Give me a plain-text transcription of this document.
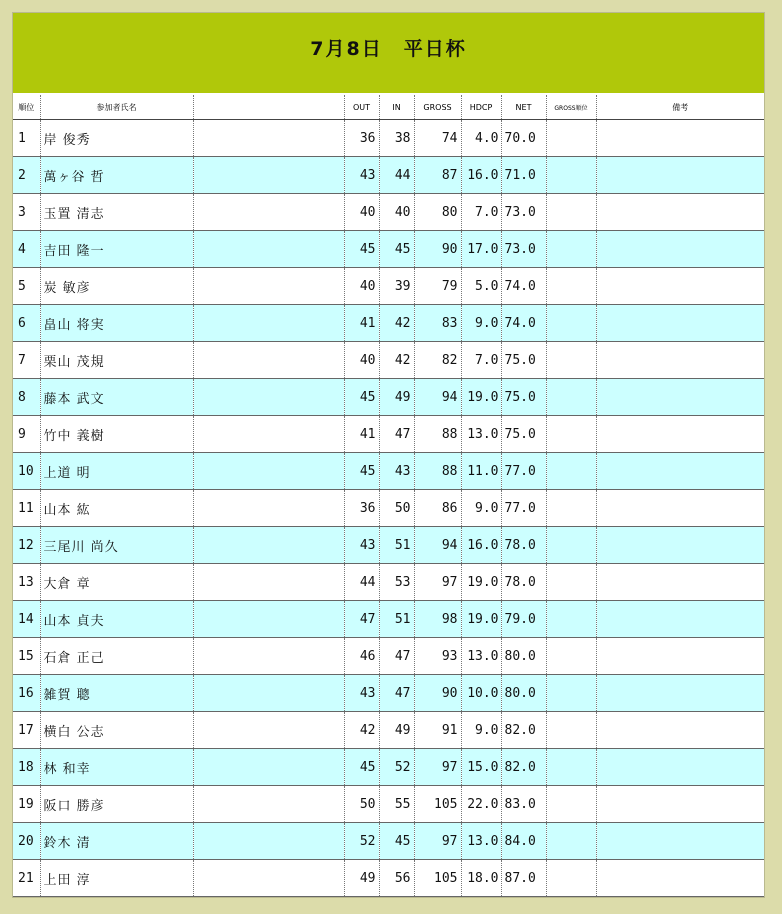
7月8日　平日杯
順位	参加者氏名		OUT	IN	GROSS	HDCP	NET	GROSS順位	備考
1	岸 俊秀		36	38	74	4.0	70.0		
2	萬ヶ谷 哲		43	44	87	16.0	71.0		
3	玉置 清志		40	40	80	7.0	73.0		
4	吉田 隆一		45	45	90	17.0	73.0		
5	炭 敏彦		40	39	79	5.0	74.0		
6	畠山 将実		41	42	83	9.0	74.0		
7	栗山 茂規		40	42	82	7.0	75.0		
8	藤本 武文		45	49	94	19.0	75.0		
9	竹中 義樹		41	47	88	13.0	75.0		
10	上道 明		45	43	88	11.0	77.0		
11	山本 紘		36	50	86	9.0	77.0		
12	三尾川 尚久		43	51	94	16.0	78.0		
13	大倉 章		44	53	97	19.0	78.0		
14	山本 貞夫		47	51	98	19.0	79.0		
15	石倉 正己		46	47	93	13.0	80.0		
16	雑賀 聰		43	47	90	10.0	80.0		
17	横白 公志		42	49	91	9.0	82.0		
18	林 和幸		45	52	97	15.0	82.0		
19	阪口 勝彦		50	55	105	22.0	83.0		
20	鈴木 清		52	45	97	13.0	84.0		
21	上田 淳		49	56	105	18.0	87.0		
